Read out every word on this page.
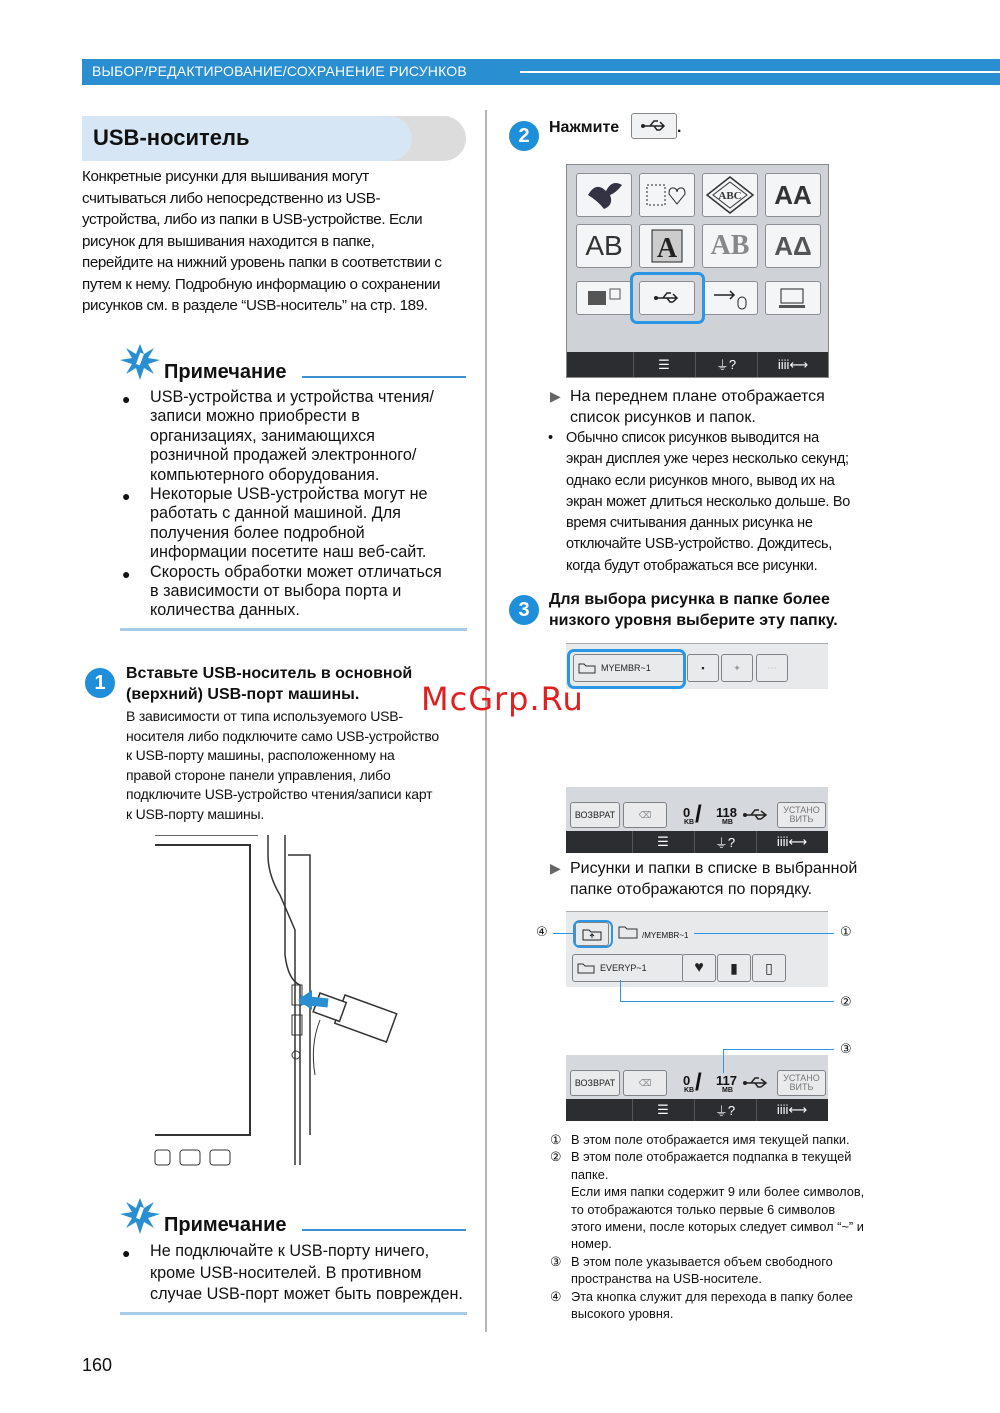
ВЫБОР/РЕДАКТИРОВАНИЕ/СОХРАНЕНИЕ РИСУНКОВ
USB-носитель
Конкретные рисунки для вышивания могут
считываться либо непосредственно из USB-
устройства, либо из папки в USB-устройстве. Если
рисунок для вышивания находится в папке,
перейдите на нижний уровень папки в соответствии с
путем к нему. Подробную информацию о сохранении
рисунков см. в разделе “USB-носитель” на стр. 189.
Примечание
●	USB-устройства и устройства чтения/
записи можно приобрести в
организациях, занимающихся
розничной продажей электронного/
компьютерного оборудования.
●	Некоторые USB-устройства могут не
работать с данной машиной. Для
получения более подробной
информации посетите наш веб-сайт.
●	Скорость обработки может отличаться
в зависимости от выбора порта и
количества данных.
1	Вставьте USB-носитель в основной
(верхний) USB-порт машины.
В зависимости от типа используемого USB-
носителя либо подключите само USB-устройство
к USB-порту машины, расположенному на
правой стороне панели управления, либо
подключите USB-устройство чтения/записи карт
к USB-порту машины.
Примечание
●	Не подключайте к USB-порту ничего,
кроме USB-носителей. В противном
случае USB-порт может быть поврежден.
2	Нажмите	.
ABC	AA
AB	A	AB AΔ
☰	⏚ ?	iiii⟷
▶ На переднем плане отображается
список рисунков и папок.
• Обычно список рисунков выводится на
экран дисплея уже через несколько секунд;
однако если рисунков много, вывод их на
экран может длиться несколько дольше. Во
время считывания данных рисунка не
отключайте USB-устройство. Дождитесь,
когда будут отображаться все рисунки.
3	Для выбора рисунка в папке более
низкого уровня выберите эту папку.
MYEMBR~1	▪	✦	⋯
ВОЗВРАТ	⌫	0
KB / 118
MB
УСТАНО
ВИТЬ
☰	⏚ ?	iiii⟷
▶ Рисунки и папки в списке в выбранной
папке отображаются по порядку.
/MYEMBR~1
EVERYP~1	♥	▮	▯
ВОЗВРАТ	⌫	0
KB / 117
MB
УСТАНО
ВИТЬ
☰	⏚ ?	iiii⟷
④	①
②
③
① В этом поле отображается имя текущей папки.
② В этом поле отображается подпапка в текущей
папке.
Если имя папки содержит 9 или более символов,
то отображаются только первые 6 символов
этого имени, после которых следует символ “~” и
номер.
③ В этом поле указывается объем свободного
пространства на USB-носителе.
④ Эта кнопка служит для перехода в папку более
высокого уровня.
McGrp.Ru
160
